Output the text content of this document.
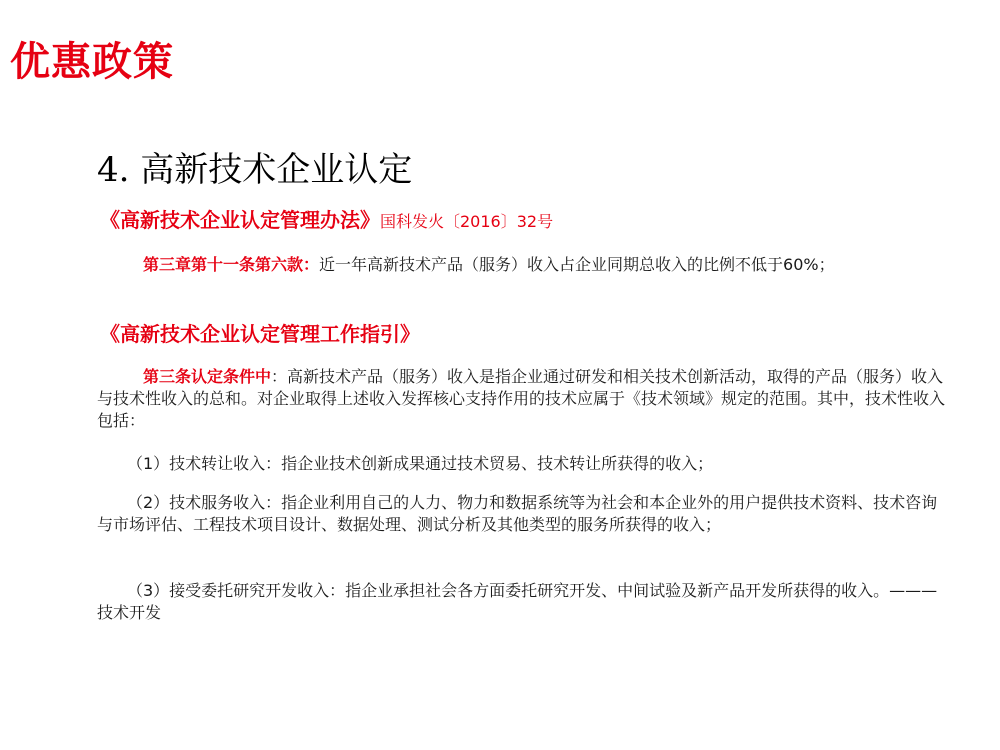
优惠政策
4. 高新技术企业认定
《高新技术企业认定管理办法》国科发火〔2016〕32号
第三章第十一条第六款：近一年高新技术产品（服务）收入占企业同期总收入的比例不低于60%；
《高新技术企业认定管理工作指引》
第三条认定条件中：高新技术产品（服务）收入是指企业通过研发和相关技术创新活动，取得的产品（服务）收入与技术性收入的总和。对企业取得上述收入发挥核心支持作用的技术应属于《技术领域》规定的范围。其中，技术性收入包括：
（1）技术转让收入：指企业技术创新成果通过技术贸易、技术转让所获得的收入；
（2）技术服务收入：指企业利用自己的人力、物力和数据系统等为社会和本企业外的用户提供技术资料、技术咨询与市场评估、工程技术项目设计、数据处理、测试分析及其他类型的服务所获得的收入；
（3）接受委托研究开发收入：指企业承担社会各方面委托研究开发、中间试验及新产品开发所获得的收入。———技术开发
